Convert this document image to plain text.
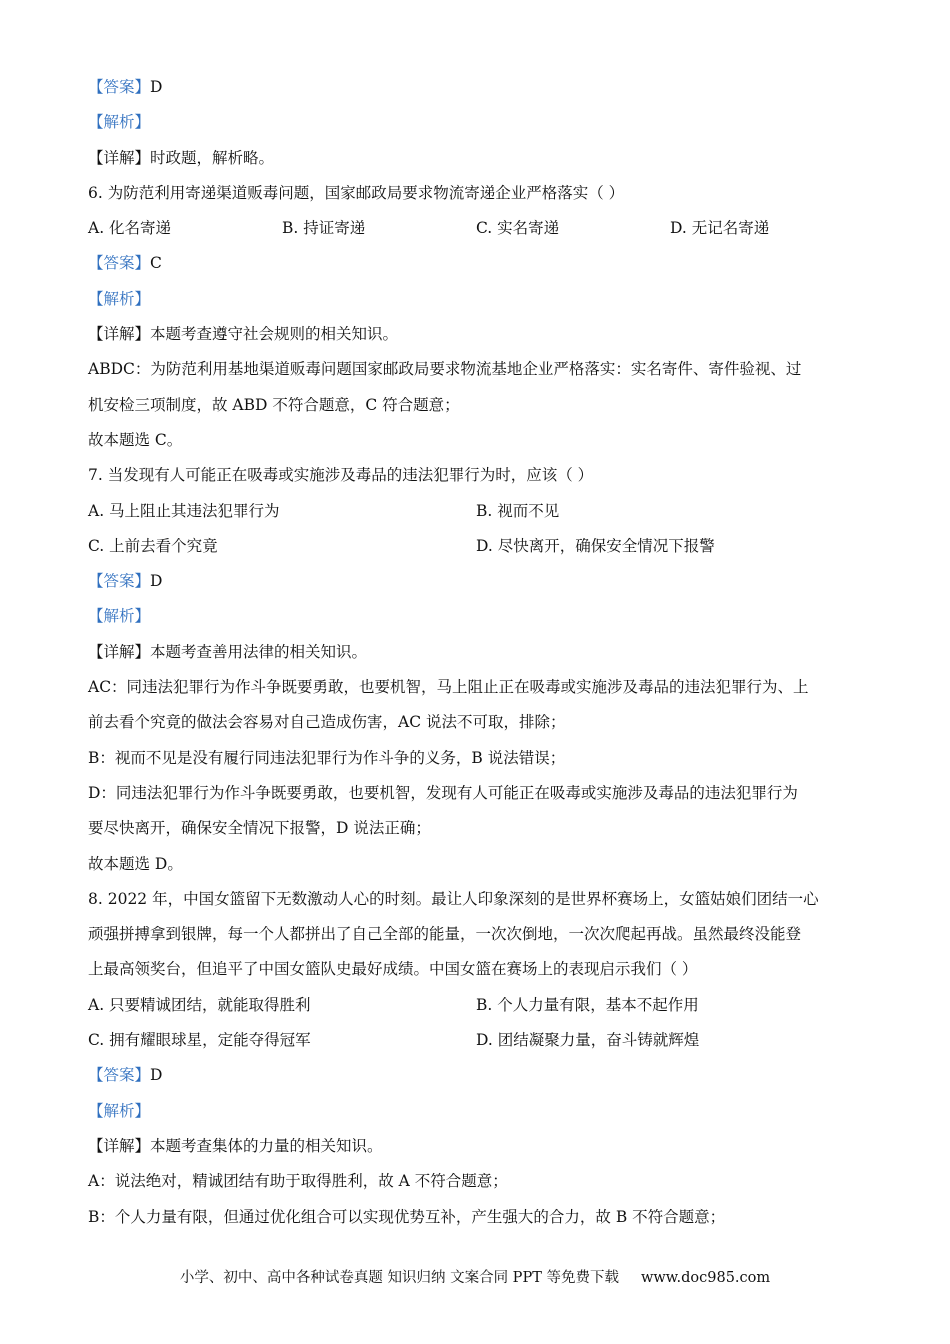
【答案】D
【解析】
【详解】时政题，解析略。
6. 为防范利用寄递渠道贩毒问题，国家邮政局要求物流寄递企业严格落实（ ）
A. 化名寄递	B. 持证寄递	C. 实名寄递	D. 无记名寄递
【答案】C
【解析】
【详解】本题考查遵守社会规则的相关知识。
ABDC：为防范利用基地渠道贩毒问题国家邮政局要求物流基地企业严格落实：实名寄件、寄件验视、过
机安检三项制度，故 ABD 不符合题意，C 符合题意；
故本题选 C。
7. 当发现有人可能正在吸毒或实施涉及毒品的违法犯罪行为时，应该（ ）
A. 马上阻止其违法犯罪行为	B. 视而不见
C. 上前去看个究竟	D. 尽快离开，确保安全情况下报警
【答案】D
【解析】
【详解】本题考查善用法律的相关知识。
AC：同违法犯罪行为作斗争既要勇敢，也要机智，马上阻止正在吸毒或实施涉及毒品的违法犯罪行为、上
前去看个究竟的做法会容易对自己造成伤害，AC 说法不可取，排除；
B：视而不见是没有履行同违法犯罪行为作斗争的义务，B 说法错误；
D：同违法犯罪行为作斗争既要勇敢，也要机智，发现有人可能正在吸毒或实施涉及毒品的违法犯罪行为
要尽快离开，确保安全情况下报警，D 说法正确；
故本题选 D。
8. 2022 年，中国女篮留下无数激动人心的时刻。最让人印象深刻的是世界杯赛场上，女篮姑娘们团结一心
顽强拼搏拿到银牌，每一个人都拼出了自己全部的能量，一次次倒地，一次次爬起再战。虽然最终没能登
上最高领奖台，但追平了中国女篮队史最好成绩。中国女篮在赛场上的表现启示我们（ ）
A. 只要精诚团结，就能取得胜利	B. 个人力量有限，基本不起作用
C. 拥有耀眼球星，定能夺得冠军	D. 团结凝聚力量，奋斗铸就辉煌
【答案】D
【解析】
【详解】本题考查集体的力量的相关知识。
A：说法绝对，精诚团结有助于取得胜利，故 A 不符合题意；
B：个人力量有限，但通过优化组合可以实现优势互补，产生强大的合力，故 B 不符合题意；
小学、初中、高中各种试卷真题 知识归纳 文案合同 PPT 等免费下载 www.doc985.com
